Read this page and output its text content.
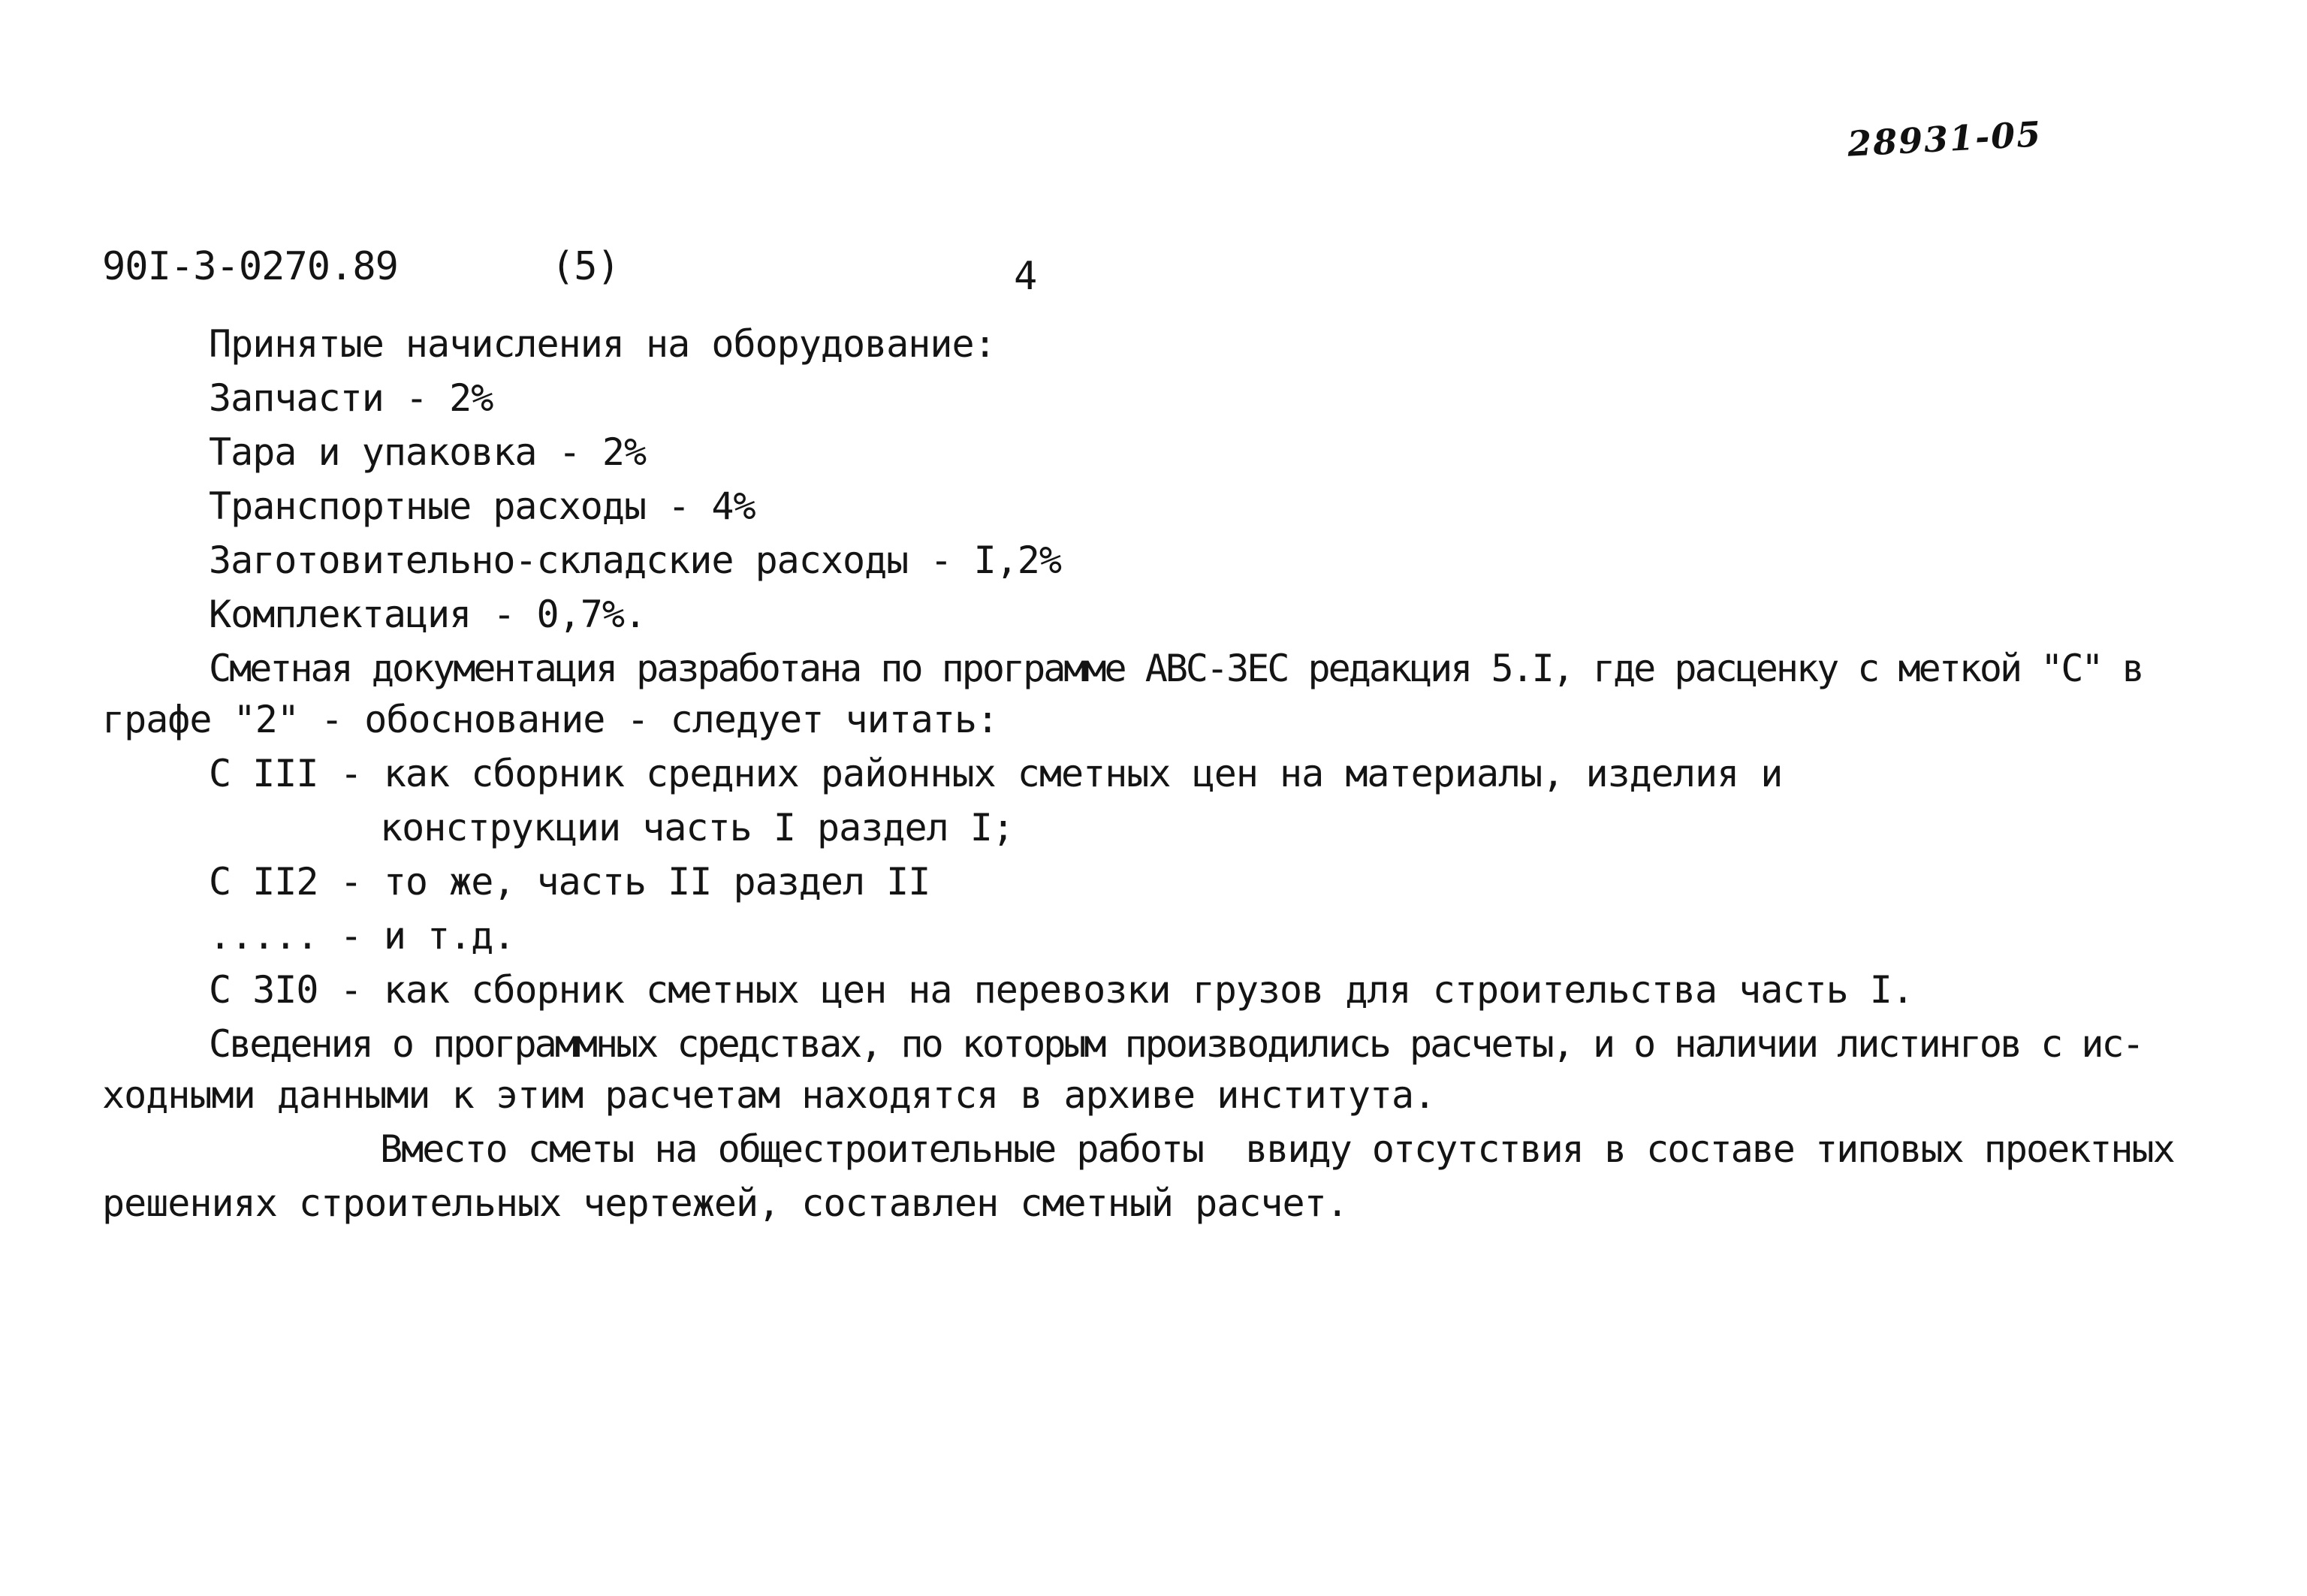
28931-05
90I-3-0270.89	(5)	4
Принятые начисления на оборудование:
Запчасти - 2%
Тара и упаковка - 2%
Транспортные расходы - 4%
Заготовительно-складские расходы - I,2%
Комплектация - 0,7%.
Сметная документация разработана по программе АВС-ЗЕС редакция 5.I, где расценку с меткой "С" в
графе "2" - обоснование - следует читать:
С III - как сборник средних районных сметных цен на материалы, изделия и
конструкции часть I раздел I;
С II2 - то же, часть II раздел II
..... - и т.д.
С 3I0 - как сборник сметных цен на перевозки грузов для строительства часть I.
Сведения о программных средствах, по которым производились расчеты, и о наличии листингов с ис-
ходными данными к этим расчетам находятся в архиве института.
Вместо сметы на общестроительные работы  ввиду отсутствия в составе типовых проектных
решениях строительных чертежей, составлен сметный расчет.
